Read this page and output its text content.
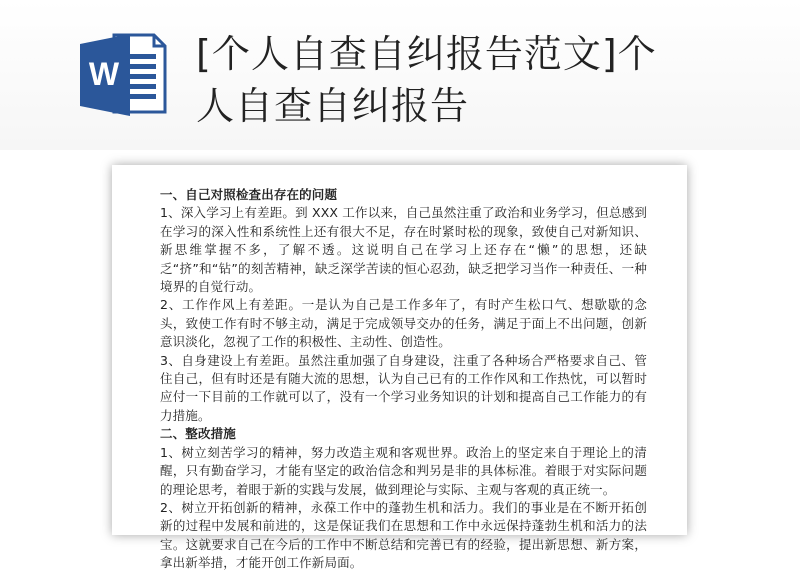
W [个人自查自纠报告范文]个人自查自纠报告

一、自己对照检查出存在的问题

1、深入学习上有差距。到 XXX 工作以来，自己虽然注重了政治和业务学习，但总感到在学习的深入性和系统性上还有很大不足，存在时紧时松的现象，致使自己对新知识、新思维掌握不多，了解不透。这说明自己在学习上还存在“懒”的思想，还缺乏“挤”和“钻”的刻苦精神，缺乏深学苦读的恒心忍劲，缺乏把学习当作一种责任、一种境界的自觉行动。

2、工作作风上有差距。一是认为自己是工作多年了，有时产生松口气、想歇歇的念头，致使工作有时不够主动，满足于完成领导交办的任务，满足于面上不出问题，创新意识淡化，忽视了工作的积极性、主动性、创造性。

3、自身建设上有差距。虽然注重加强了自身建设，注重了各种场合严格要求自己、管住自己，但有时还是有随大流的思想，认为自己已有的工作作风和工作热忱，可以暂时应付一下目前的工作就可以了，没有一个学习业务知识的计划和提高自己工作能力的有力措施。

二、整改措施

1、树立刻苦学习的精神，努力改造主观和客观世界。政治上的坚定来自于理论上的清醒，只有勤奋学习，才能有坚定的政治信念和判另是非的具体标准。着眼于对实际问题的理论思考，着眼于新的实践与发展，做到理论与实际、主观与客观的真正统一。

2、树立开拓创新的精神，永葆工作中的蓬勃生机和活力。我们的事业是在不断开拓创新的过程中发展和前进的，这是保证我们在思想和工作中永远保持蓬勃生机和活力的法宝。这就要求自己在今后的工作中不断总结和完善已有的经验，提出新思想、新方案，拿出新举措，才能开创工作新局面。
